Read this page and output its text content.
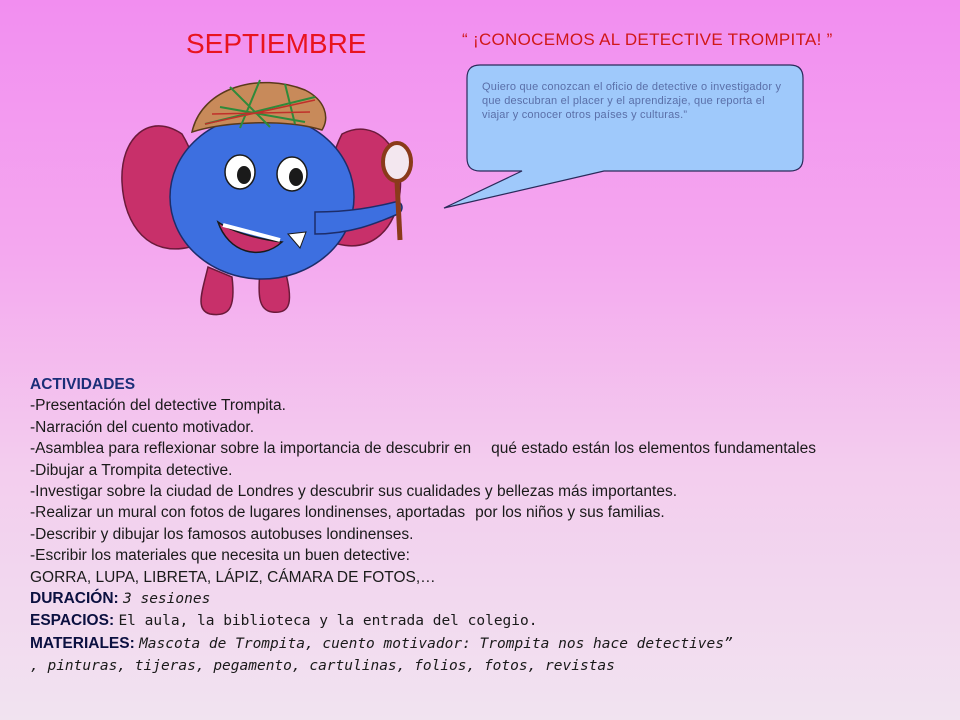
SEPTIEMBRE	“ ¡CONOCEMOS AL DETECTIVE TROMPITA! ”
Quiero que conozcan el oficio de detective o investigador y que descubran el placer y el aprendizaje, que reporta el viajar y conocer otros países y culturas.”
ACTIVIDADES
-Presentación del detective Trompita.
-Narración del cuento motivador.
-Asamblea para reflexionar sobre la importancia de descubrir en qué estado están los elementos fundamentales
-Dibujar a Trompita detective.
-Investigar sobre la ciudad de Londres y descubrir sus cualidades y bellezas más importantes.
-Realizar un mural con fotos de lugares londinenses, aportadas por los niños y sus familias.
-Describir y dibujar los famosos autobuses londinenses.
-Escribir los materiales que necesita un buen detective:
GORRA, LUPA, LIBRETA, LÁPIZ, CÁMARA DE FOTOS,…
DURACIÓN: 3 sesiones
ESPACIOS: El aula, la biblioteca y la entrada del colegio.
MATERIALES: Mascota de Trompita, cuento motivador: Trompita nos hace detectives”
, pinturas, tijeras, pegamento, cartulinas, folios, fotos, revistas
